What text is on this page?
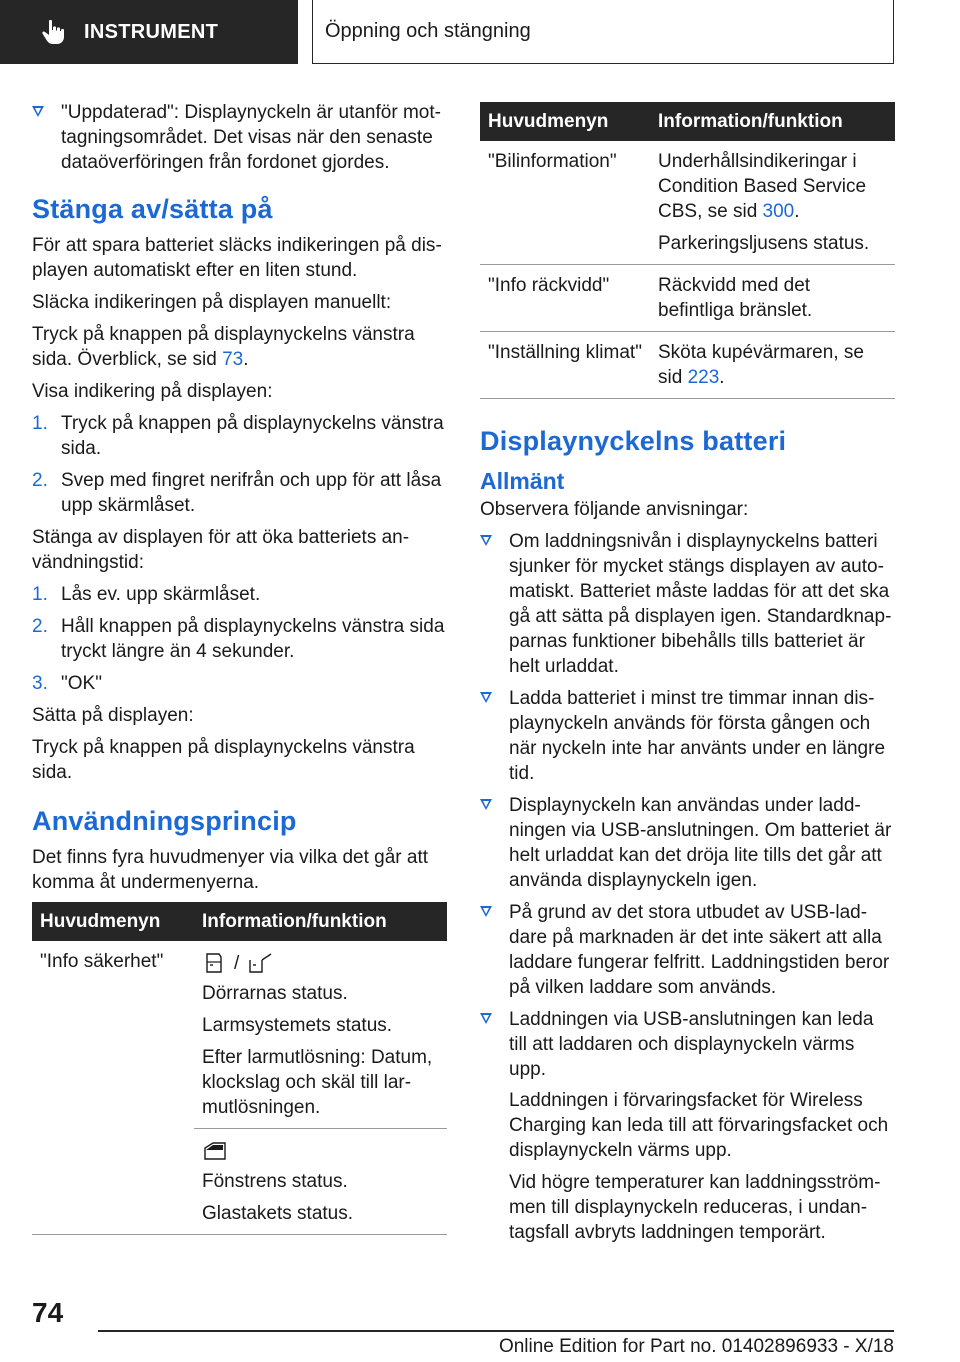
INSTRUMENT	Öppning och stängning
"Uppdaterad": Displaynyckeln är utanför mottagningsområdet. Det visas när den senaste dataöverföringen från fordonet gjordes.
Stänga av/sätta på

För att spara batteriet släcks indikeringen på displayen automatiskt efter en liten stund.

Släcka indikeringen på displayen manuellt:

Tryck på knappen på displaynyckelns vänstra sida. Överblick, se sid 73.

Visa indikering på displayen:

1. Tryck på knappen på displaynyckelns vänstra sida.
2. Svep med fingret nerifrån och upp för att låsa upp skärmlåset.

Stänga av displayen för att öka batteriets användningstid:

1. Lås ev. upp skärmlåset.
2. Håll knappen på displaynyckelns vänstra sida tryckt längre än 4 sekunder.
3. "OK"

Sätta på displayen:

Tryck på knappen på displaynyckelns vänstra sida.

Användningsprincip

Det finns fyra huvudmenyer via vilka det går att komma åt undermenyerna.

Huvudmenyn	Information/funktion
"Info säkerhet"	/

Dörrarnas status.

Larmsystemets status.

Efter larmutlösning: Datum, klockslag och skäl till larmutlösningen.

	Fönstrens status.

Glastakets status.

Huvudmenyn	Information/funktion
"Bilinformation"	Underhållsindikeringar i Condition Based Service CBS, se sid 300.

Parkeringsljusens status.

"Info räckvidd"	Räckvidd med det befintliga bränslet.

"Inställning klimat"	Sköta kupévärmaren, se sid 223.

Displaynyckelns batteri
Allmänt

Observera följande anvisningar:

Om laddningsnivån i displaynyckelns batteri sjunker för mycket stängs displayen av automatiskt. Batteriet måste laddas för att det ska gå att sätta på displayen igen. Standardknapparnas funktioner bibehålls tills batteriet är helt urladdat.
Ladda batteriet i minst tre timmar innan displaynyckeln används för första gången och när nyckeln inte har använts under en längre tid.
Displaynyckeln kan användas under laddningen via USB-anslutningen. Om batteriet är helt urladdat kan det dröja lite tills det går att använda displaynyckeln igen.
På grund av det stora utbudet av USB-laddare på marknaden är det inte säkert att alla laddare fungerar felfritt. Laddningstiden beror på vilken laddare som används.
Laddningen via USB-anslutningen kan leda till att laddaren och displaynyckeln värms upp.

Laddningen i förvaringsfacket för Wireless Charging kan leda till att förvaringsfacket och displaynyckeln värms upp.

Vid högre temperaturer kan laddningsströmmen till displaynyckeln reduceras, i undantagsfall avbryts laddningen temporärt.

74
Online Edition for Part no. 01402896933 - X/18
